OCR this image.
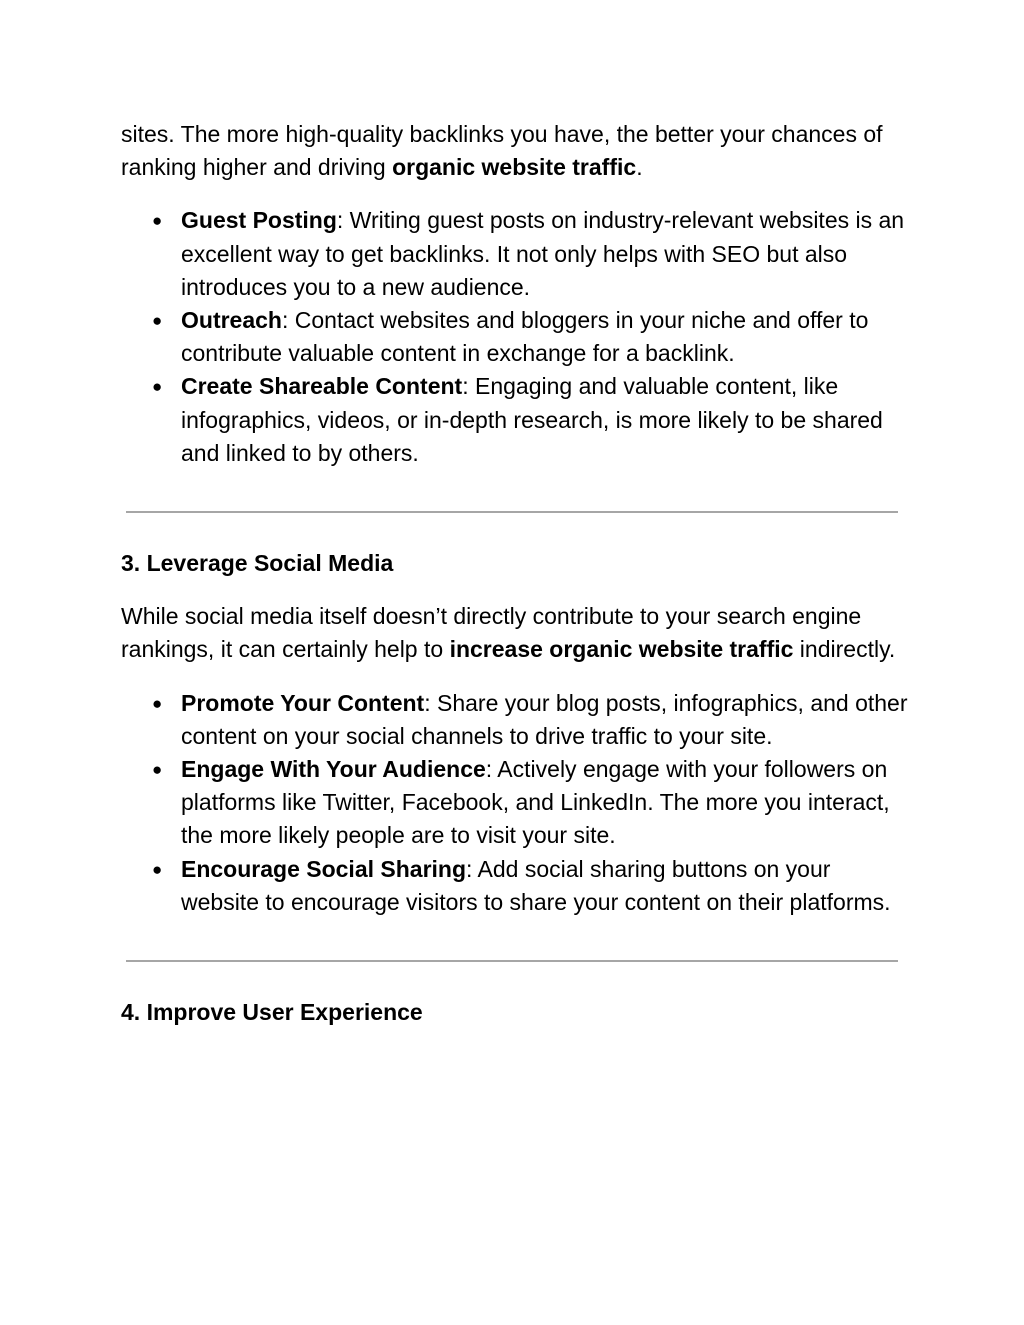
sites. The more high-quality backlinks you have, the better your chances of ranking higher and driving organic website traffic.

● Guest Posting: Writing guest posts on industry-relevant websites is an excellent way to get backlinks. It not only helps with SEO but also introduces you to a new audience.
● Outreach: Contact websites and bloggers in your niche and offer to contribute valuable content in exchange for a backlink.
● Create Shareable Content: Engaging and valuable content, like infographics, videos, or in-depth research, is more likely to be shared and linked to by others.
3. Leverage Social Media

While social media itself doesn’t directly contribute to your search engine rankings, it can certainly help to increase organic website traffic indirectly.

● Promote Your Content: Share your blog posts, infographics, and other content on your social channels to drive traffic to your site.
● Engage With Your Audience: Actively engage with your followers on platforms like Twitter, Facebook, and LinkedIn. The more you interact, the more likely people are to visit your site.
● Encourage Social Sharing: Add social sharing buttons on your website to encourage visitors to share your content on their platforms.
4. Improve User Experience
